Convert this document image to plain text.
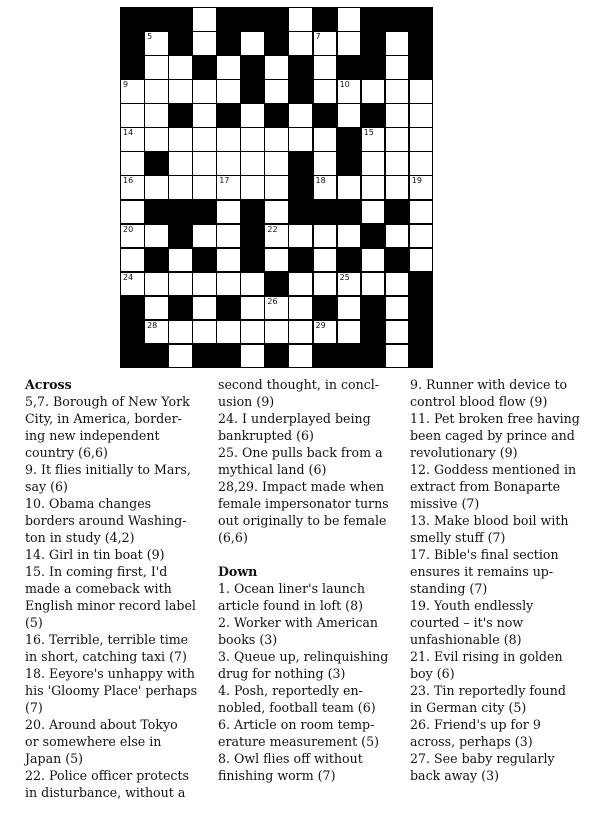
5	7
9	10
14	15
16	17	18	19
20	22
24	25
26
28	29
Across
5,7. Borough of New York
City, in America, border-
ing new independent
country (6,6)
9. It flies initially to Mars,
say (6)
10. Obama changes
borders around Washing-
ton in study (4,2)
14. Girl in tin boat (9)
15. In coming first, I'd
made a comeback with
English minor record label
(5)
16. Terrible, terrible time
in short, catching taxi (7)
18. Eeyore's unhappy with
his 'Gloomy Place' perhaps
(7)
20. Around about Tokyo
or somewhere else in
Japan (5)
22. Police officer protects
in disturbance, without a
second thought, in concl-
usion (9)
24. I underplayed being
bankrupted (6)
25. One pulls back from a
mythical land (6)
28,29. Impact made when
female impersonator turns
out originally to be female
(6,6)
Down
1. Ocean liner's launch
article found in loft (8)
2. Worker with American
books (3)
3. Queue up, relinquishing
drug for nothing (3)
4. Posh, reportedly en-
nobled, football team (6)
6. Article on room temp-
erature measurement (5)
8. Owl flies off without
finishing worm (7)
9. Runner with device to
control blood flow (9)
11. Pet broken free having
been caged by prince and
revolutionary (9)
12. Goddess mentioned in
extract from Bonaparte
missive (7)
13. Make blood boil with
smelly stuff (7)
17. Bible's final section
ensures it remains up-
standing (7)
19. Youth endlessly
courted – it's now
unfashionable (8)
21. Evil rising in golden
boy (6)
23. Tin reportedly found
in German city (5)
26. Friend's up for 9
across, perhaps (3)
27. See baby regularly
back away (3)
